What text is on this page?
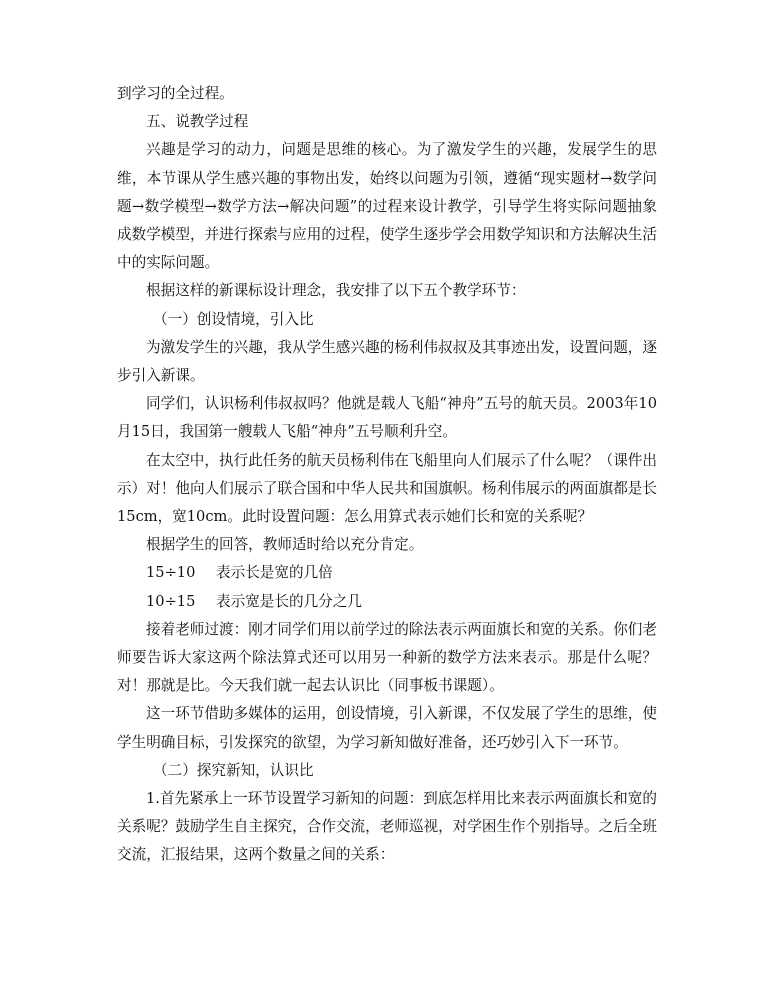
到学习的全过程。

五、说教学过程

兴趣是学习的动力，问题是思维的核心。为了激发学生的兴趣，发展学生的思维，本节课从学生感兴趣的事物出发，始终以问题为引领，遵循“现实题材→数学问题→数学模型→数学方法→解决问题”的过程来设计教学，引导学生将实际问题抽象成数学模型，并进行探索与应用的过程，使学生逐步学会用数学知识和方法解决生活中的实际问题。

根据这样的新课标设计理念，我安排了以下五个教学环节：

（一）创设情境，引入比

为激发学生的兴趣，我从学生感兴趣的杨利伟叔叔及其事迹出发，设置问题，逐步引入新课。

同学们，认识杨利伟叔叔吗？他就是载人飞船“神舟”五号的航天员。2003年10月15日，我国第一艘载人飞船“神舟”五号顺利升空。

在太空中，执行此任务的航天员杨利伟在飞船里向人们展示了什么呢？（课件出示）对！他向人们展示了联合国和中华人民共和国旗帜。杨利伟展示的两面旗都是长15cm，宽10cm。此时设置问题：怎么用算式表示她们长和宽的关系呢？

根据学生的回答，教师适时给以充分肯定。

15÷10 表示长是宽的几倍

10÷15 表示宽是长的几分之几

接着老师过渡：刚才同学们用以前学过的除法表示两面旗长和宽的关系。你们老师要告诉大家这两个除法算式还可以用另一种新的数学方法来表示。那是什么呢？对！那就是比。今天我们就一起去认识比（同事板书课题）。

这一环节借助多媒体的运用，创设情境，引入新课，不仅发展了学生的思维，使学生明确目标，引发探究的欲望，为学习新知做好准备，还巧妙引入下一环节。

（二）探究新知，认识比

1.首先紧承上一环节设置学习新知的问题：到底怎样用比来表示两面旗长和宽的关系呢？鼓励学生自主探究，合作交流，老师巡视，对学困生作个别指导。之后全班交流，汇报结果，这两个数量之间的关系：
